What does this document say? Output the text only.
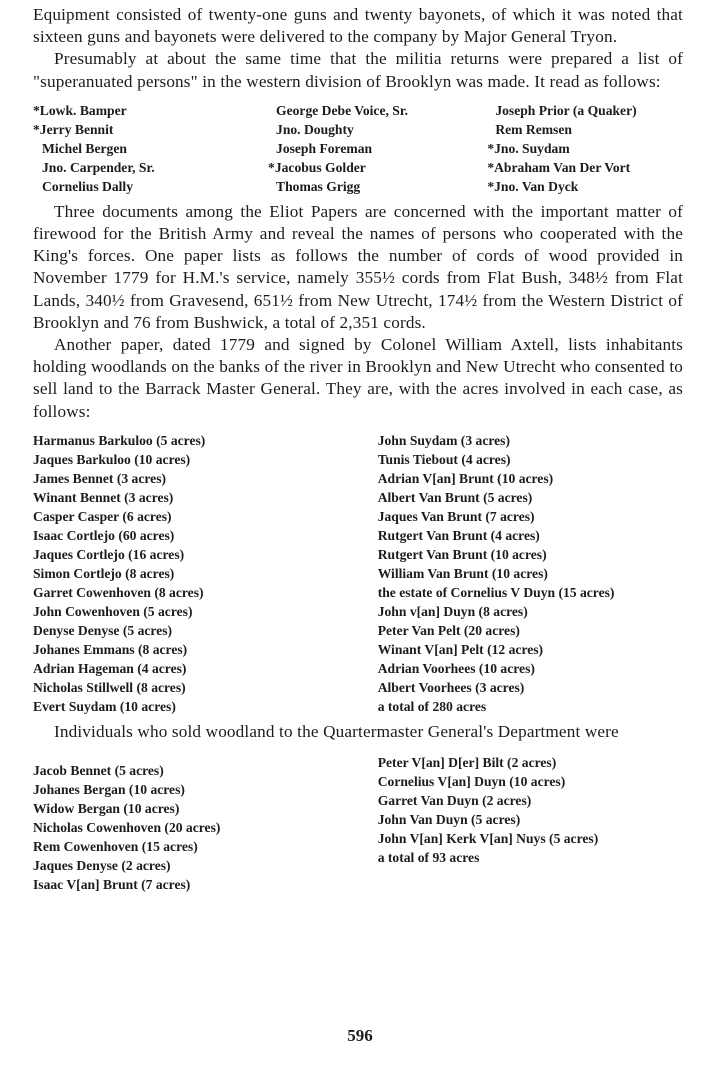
Equipment consisted of twenty-one guns and twenty bayonets, of which it was noted that sixteen guns and bayonets were delivered to the company by Major General Tryon.

Presumably at about the same time that the militia returns were prepared a list of "superanuated persons" in the western division of Brooklyn was made. It read as follows:

*Lowk. Bamper
*Jerry Bennit
Michel Bergen
Jno. Carpender, Sr.
Cornelius Dally
George Debe Voice, Sr.
Jno. Doughty
Joseph Foreman
*Jacobus Golder
Thomas Grigg
Joseph Prior (a Quaker)
Rem Remsen
*Jno. Suydam
*Abraham Van Der Vort
*Jno. Van Dyck

Three documents among the Eliot Papers are concerned with the important matter of firewood for the British Army and reveal the names of persons who cooperated with the King's forces. One paper lists as follows the number of cords of wood provided in November 1779 for H.M.'s service, namely 355½ cords from Flat Bush, 348½ from Flat Lands, 340½ from Gravesend, 651½ from New Utrecht, 174½ from the Western District of Brooklyn and 76 from Bushwick, a total of 2,351 cords.

Another paper, dated 1779 and signed by Colonel William Axtell, lists inhabitants holding woodlands on the banks of the river in Brooklyn and New Utrecht who consented to sell land to the Barrack Master General. They are, with the acres involved in each case, as follows:

Harmanus Barkuloo (5 acres)
Jaques Barkuloo (10 acres)
James Bennet (3 acres)
Winant Bennet (3 acres)
Casper Casper (6 acres)
Isaac Cortlejo (60 acres)
Jaques Cortlejo (16 acres)
Simon Cortlejo (8 acres)
Garret Cowenhoven (8 acres)
John Cowenhoven (5 acres)
Denyse Denyse (5 acres)
Johanes Emmans (8 acres)
Adrian Hageman (4 acres)
Nicholas Stillwell (8 acres)
Evert Suydam (10 acres)
John Suydam (3 acres)
Tunis Tiebout (4 acres)
Adrian V[an] Brunt (10 acres)
Albert Van Brunt (5 acres)
Jaques Van Brunt (7 acres)
Rutgert Van Brunt (4 acres)
Rutgert Van Brunt (10 acres)
William Van Brunt (10 acres)
the estate of Cornelius V Duyn (15 acres)
John v[an] Duyn (8 acres)
Peter Van Pelt (20 acres)
Winant V[an] Pelt (12 acres)
Adrian Voorhees (10 acres)
Albert Voorhees (3 acres)
a total of 280 acres

Individuals who sold woodland to the Quartermaster General's Department were

Jacob Bennet (5 acres)
Johanes Bergan (10 acres)
Widow Bergan (10 acres)
Nicholas Cowenhoven (20 acres)
Rem Cowenhoven (15 acres)
Jaques Denyse (2 acres)
Isaac V[an] Brunt (7 acres)
Peter V[an] D[er] Bilt (2 acres)
Cornelius V[an] Duyn (10 acres)
Garret Van Duyn (2 acres)
John Van Duyn (5 acres)
John V[an] Kerk V[an] Nuys (5 acres)
a total of 93 acres
596
